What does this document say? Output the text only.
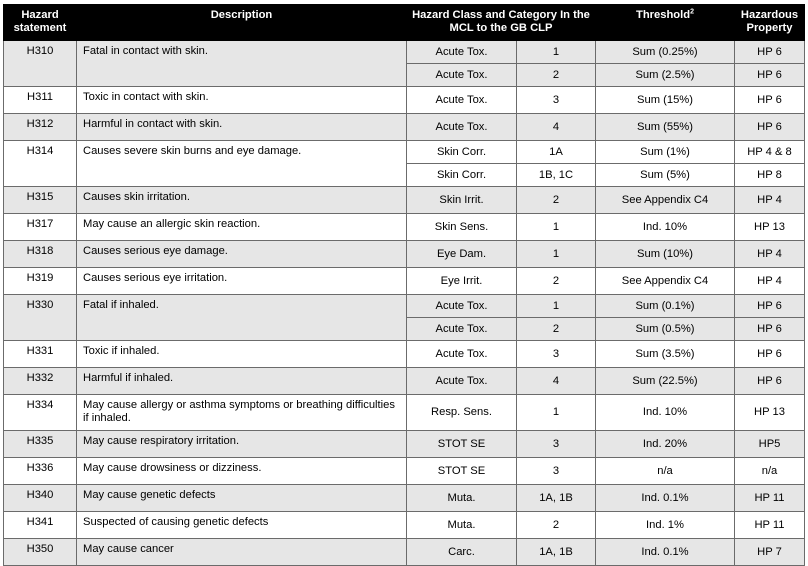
Hazard statement	Description	Hazard Class and Category In the MCL to the GB CLP		Threshold$^2$	Hazardous Property
H310	Fatal in contact with skin.	Acute Tox.	1	Sum (0.25%)	HP 6
		Acute Tox.	2	Sum (2.5%)	HP 6
H311	Toxic in contact with skin.	Acute Tox.	3	Sum (15%)	HP 6
H312	Harmful in contact with skin.	Acute Tox.	4	Sum (55%)	HP 6
H314	Causes severe skin burns and eye damage.	Skin Corr.	1A	Sum (1%)	HP 4 & 8
		Skin Corr.	1B, 1C	Sum (5%)	HP 8
H315	Causes skin irritation.	Skin Irrit.	2	See Appendix C4	HP 4
H317	May cause an allergic skin reaction.	Skin Sens.	1	Ind. 10%	HP 13
H318	Causes serious eye damage.	Eye Dam.	1	Sum (10%)	HP 4
H319	Causes serious eye irritation.	Eye Irrit.	2	See Appendix C4	HP 4
H330	Fatal if inhaled.	Acute Tox.	1	Sum (0.1%)	HP 6
		Acute Tox.	2	Sum (0.5%)	HP 6
H331	Toxic if inhaled.	Acute Tox.	3	Sum (3.5%)	HP 6
H332	Harmful if inhaled.	Acute Tox.	4	Sum (22.5%)	HP 6
H334	May cause allergy or asthma symptoms or breathing difficulties if inhaled.	Resp. Sens.	1	Ind. 10%	HP 13
H335	May cause respiratory irritation.	STOT SE	3	Ind. 20%	HP5
H336	May cause drowsiness or dizziness.	STOT SE	3	n/a	n/a
H340	May cause genetic defects	Muta.	1A, 1B	Ind. 0.1%	HP 11
H341	Suspected of causing genetic defects	Muta.	2	Ind. 1%	HP 11
H350	May cause cancer	Carc.	1A, 1B	Ind. 0.1%	HP 7
